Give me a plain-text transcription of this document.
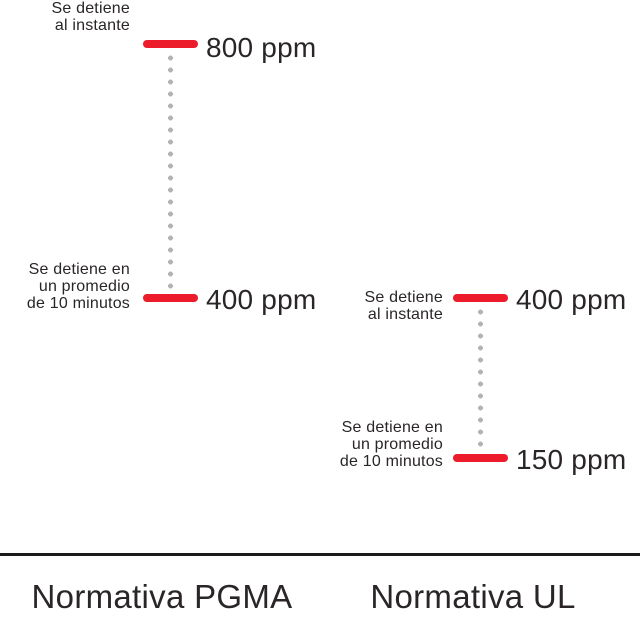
Se detiene
al instante
800 ppm
Se detiene en
un promedio
de 10 minutos	400 ppm	Se detiene
al instante	400 ppm
Se detiene en
un promedio
de 10 minutos	150 ppm
Normativa PGMA	Normativa UL
